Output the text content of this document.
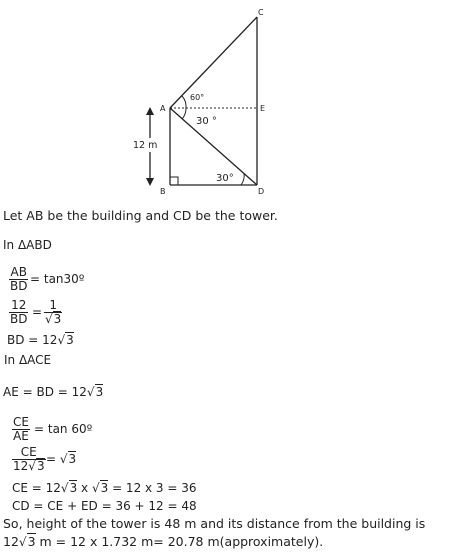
C
A	E
B	D
12 m
60°
30 °
30°
Let AB be the building and CD be the tower.
In ΔABD
$\frac{AB}{BD}$ = tan30º
$\frac{12}{BD} = \frac{1}{√3}$
BD = 12√3
In ΔACE
AE = BD = 12√3
$\frac{CE}{AE} = \tan$ 60º
$\frac{CE}{12√3} = √3$
CE = 12√3 x √3 = 12 x 3 = 36
CD = CE + ED = 36 + 12 = 48
So, height of the tower is 48 m and its distance from the building is
12√3 m = 12 x 1.732 m= 20.78 m(approximately).
